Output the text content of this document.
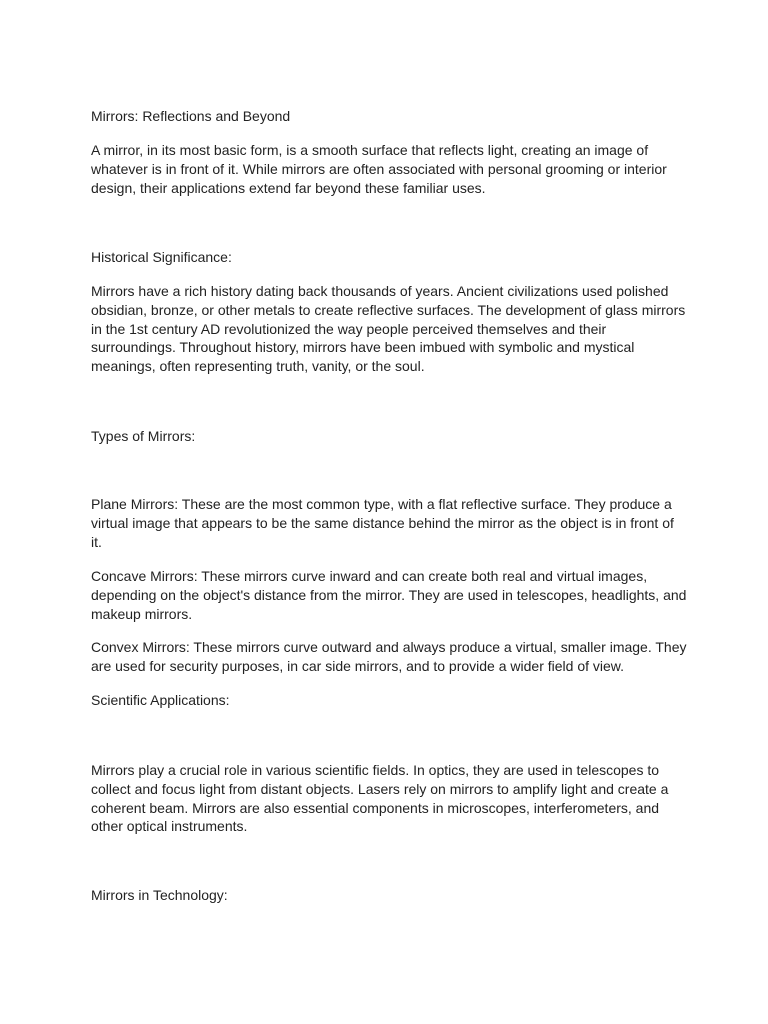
Mirrors: Reflections and Beyond

A mirror, in its most basic form, is a smooth surface that reflects light, creating an image of
whatever is in front of it. While mirrors are often associated with personal grooming or interior
design, their applications extend far beyond these familiar uses.

Historical Significance:

Mirrors have a rich history dating back thousands of years. Ancient civilizations used polished
obsidian, bronze, or other metals to create reflective surfaces. The development of glass mirrors
in the 1st century AD revolutionized the way people perceived themselves and their
surroundings. Throughout history, mirrors have been imbued with symbolic and mystical
meanings, often representing truth, vanity, or the soul.

Types of Mirrors:

Plane Mirrors: These are the most common type, with a flat reflective surface. They produce a
virtual image that appears to be the same distance behind the mirror as the object is in front of
it.

Concave Mirrors: These mirrors curve inward and can create both real and virtual images,
depending on the object's distance from the mirror. They are used in telescopes, headlights, and
makeup mirrors.

Convex Mirrors: These mirrors curve outward and always produce a virtual, smaller image. They
are used for security purposes, in car side mirrors, and to provide a wider field of view.

Scientific Applications:

Mirrors play a crucial role in various scientific fields. In optics, they are used in telescopes to
collect and focus light from distant objects. Lasers rely on mirrors to amplify light and create a
coherent beam. Mirrors are also essential components in microscopes, interferometers, and
other optical instruments.

Mirrors in Technology:
